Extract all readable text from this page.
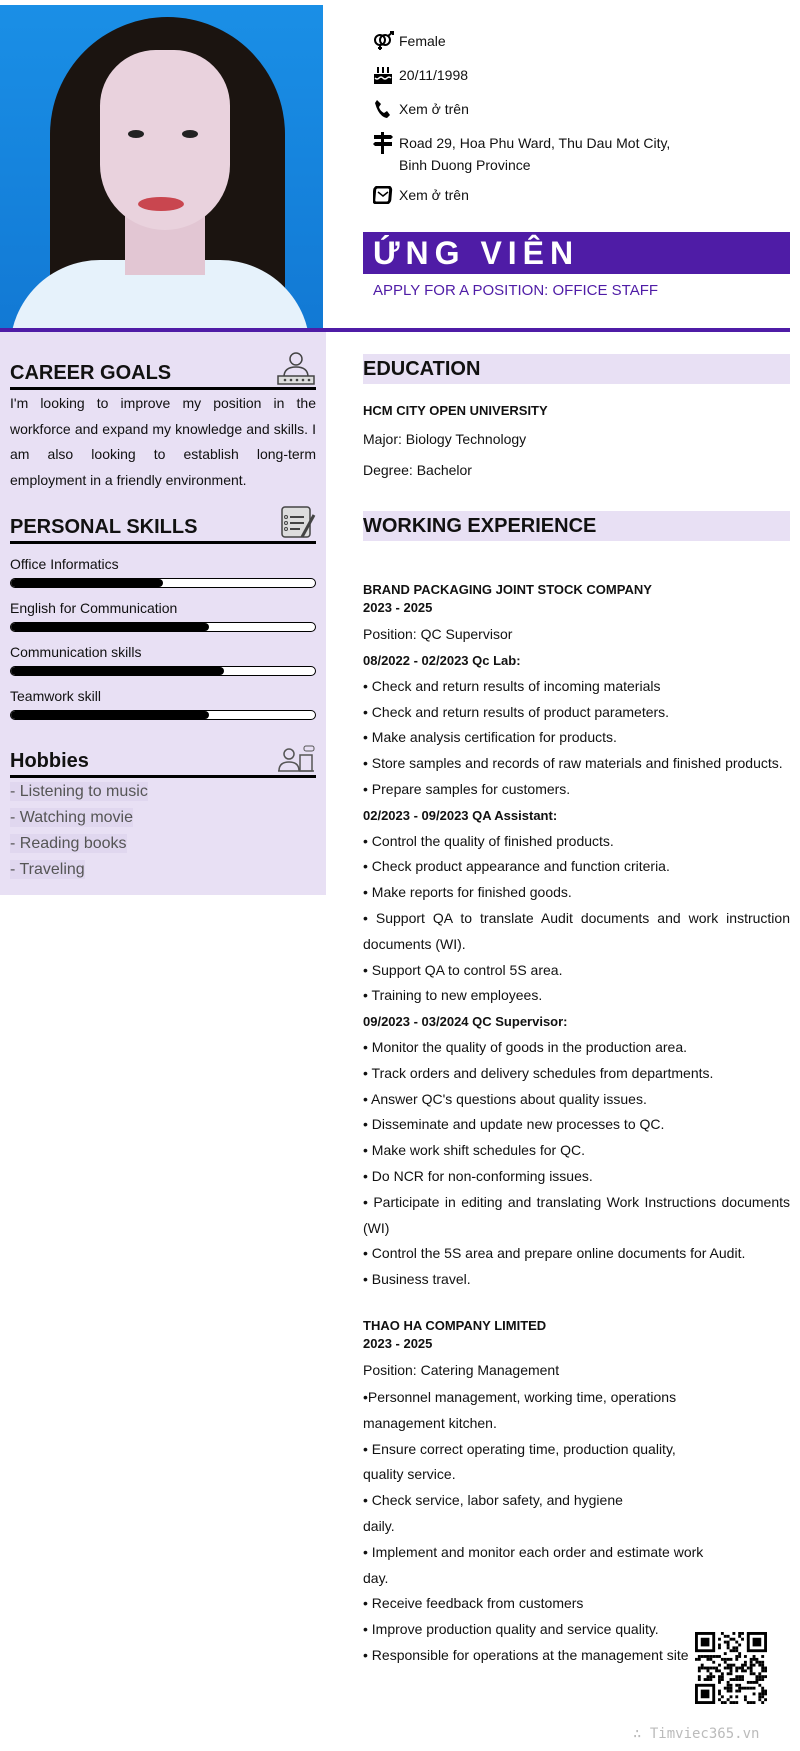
Female
20/11/1998
Xem ở trên
Road 29, Hoa Phu Ward, Thu Dau Mot City,
Binh Duong Province
Xem ở trên
ỨNG VIÊN
APPLY FOR A POSITION: OFFICE STAFF
CAREER GOALS

I'm looking to improve my position in the workforce and expand my knowledge and skills. I am also looking to establish long-term employment in a friendly environment.

PERSONAL SKILLS
Office Informatics
English for Communication
Communication skills
Teamwork skill
Hobbies
- Listening to music
- Watching movie
- Reading books
- Traveling
EDUCATION
HCM CITY OPEN UNIVERSITY
Major: Biology Technology
Degree: Bachelor
WORKING EXPERIENCE
BRAND PACKAGING JOINT STOCK COMPANY
2023 - 2025
Position: QC Supervisor
08/2022 - 02/2023 Qc Lab:
• Check and return results of incoming materials
• Check and return results of product parameters.
• Make analysis certification for products.
• Store samples and records of raw materials and finished products.
• Prepare samples for customers.
02/2023 - 09/2023 QA Assistant:
• Control the quality of finished products.
• Check product appearance and function criteria.
• Make reports for finished goods.
• Support QA to translate Audit documents and work instruction documents (WI).
• Support QA to control 5S area.
• Training to new employees.
09/2023 - 03/2024 QC Supervisor:
• Monitor the quality of goods in the production area.
• Track orders and delivery schedules from departments.
• Answer QC's questions about quality issues.
• Disseminate and update new processes to QC.
• Make work shift schedules for QC.
• Do NCR for non-conforming issues.
• Participate in editing and translating Work Instructions documents (WI)
• Control the 5S area and prepare online documents for Audit.
• Business travel.
THAO HA COMPANY LIMITED
2023 - 2025
Position: Catering Management
•Personnel management, working time, operations
management kitchen.
• Ensure correct operating time, production quality,
quality service.
• Check service, labor safety, and hygiene
daily.
• Implement and monitor each order and estimate work
day.
• Receive feedback from customers
• Improve production quality and service quality.
• Responsible for operations at the management site
∴ Timviec365.vn
